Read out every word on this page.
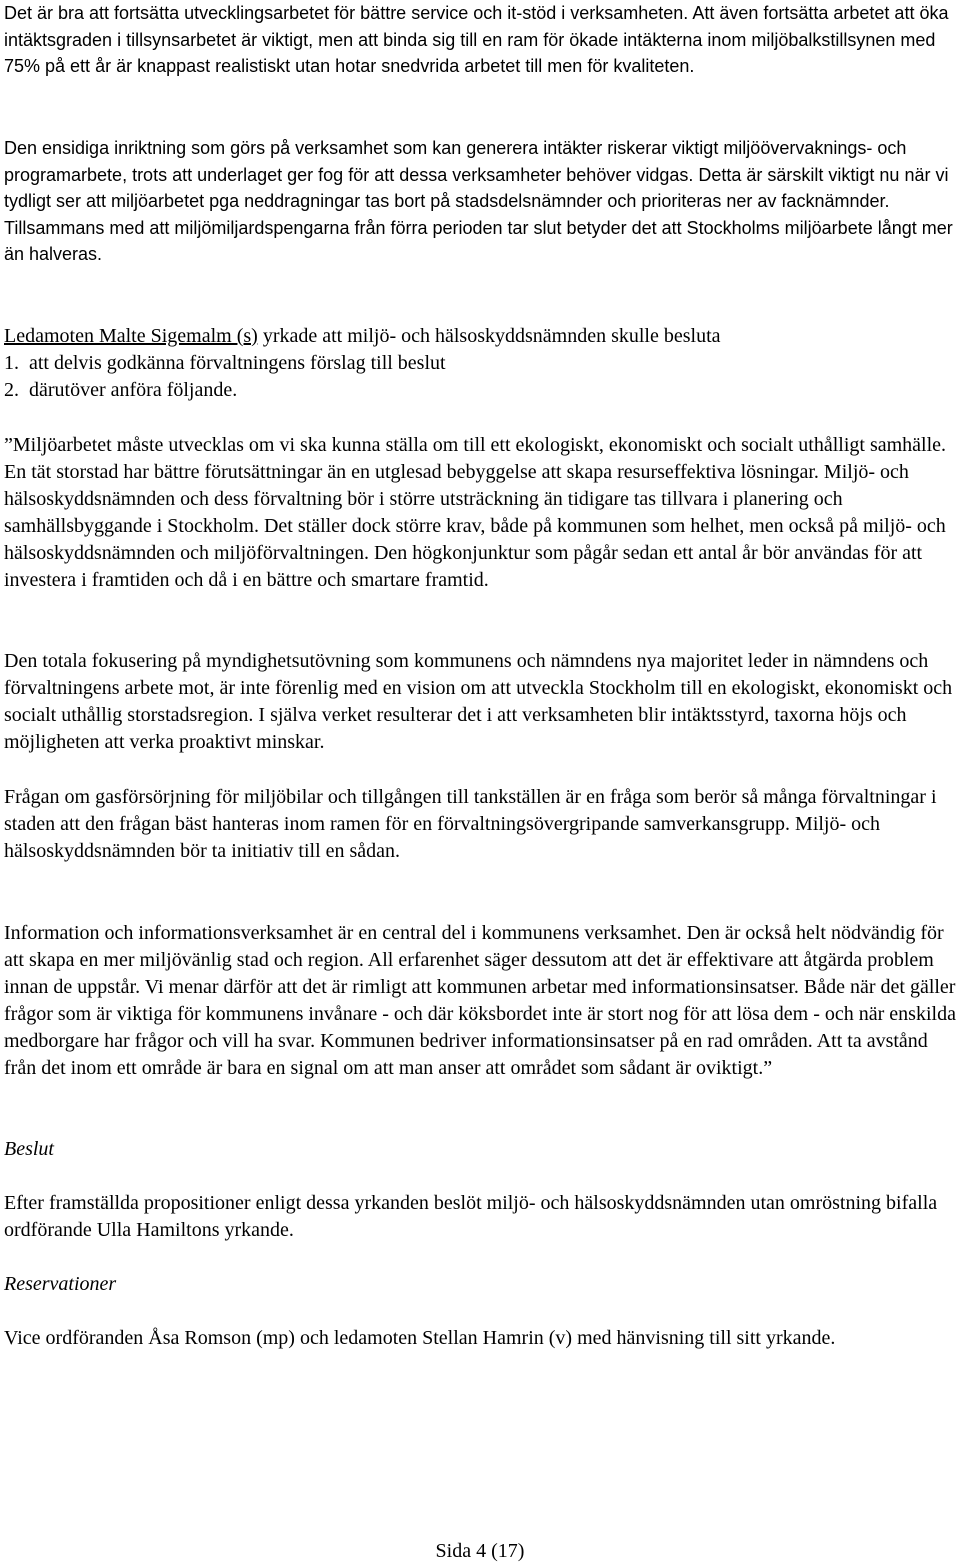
Det är bra att fortsätta utvecklingsarbetet för bättre service och it-stöd i verksamheten. Att även fortsätta arbetet att öka intäktsgraden i tillsynsarbetet är viktigt, men att binda sig till en ram för ökade intäkterna inom miljöbalkstillsynen med 75% på ett år är knappast realistiskt utan hotar snedvrida arbetet till men för kvaliteten.

Den ensidiga inriktning som görs på verksamhet som kan generera intäkter riskerar viktigt miljöövervaknings- och programarbete, trots att underlaget ger fog för att dessa verksamheter behöver vidgas. Detta är särskilt viktigt nu när vi tydligt ser att miljöarbetet pga neddragningar tas bort på stadsdelsnämnder och prioriteras ner av facknämnder. Tillsammans med att miljömiljardspengarna från förra perioden tar slut betyder det att Stockholms miljöarbete långt mer än halveras.

Ledamoten Malte Sigemalm (s) yrkade att miljö- och hälsoskyddsnämnden skulle besluta
1.  att delvis godkänna förvaltningens förslag till beslut
2.  därutöver anföra följande.

”Miljöarbetet måste utvecklas om vi ska kunna ställa om till ett ekologiskt, ekonomiskt och socialt uthålligt samhälle. En tät storstad har bättre förutsättningar än en utglesad bebyggelse att skapa resurseffektiva lösningar. Miljö- och hälsoskyddsnämnden och dess förvaltning bör i större utsträckning än tidigare tas tillvara i planering och samhällsbyggande i Stockholm. Det ställer dock större krav, både på kommunen som helhet, men också på miljö- och hälsoskyddsnämnden och miljöförvaltningen. Den högkonjunktur som pågår sedan ett antal år bör användas för att investera i framtiden och då i en bättre och smartare framtid.

Den totala fokusering på myndighetsutövning som kommunens och nämndens nya majoritet leder in nämndens och förvaltningens arbete mot, är inte förenlig med en vision om att utveckla Stockholm till en ekologiskt, ekonomiskt och socialt uthållig storstadsregion. I själva verket resulterar det i att verksamheten blir intäktsstyrd, taxorna höjs och möjligheten att verka proaktivt minskar.

Frågan om gasförsörjning för miljöbilar och tillgången till tankställen är en fråga som berör så många förvaltningar i staden att den frågan bäst hanteras inom ramen för en förvaltningsövergripande samverkansgrupp. Miljö- och hälsoskyddsnämnden bör ta initiativ till en sådan.

Information och informationsverksamhet är en central del i kommunens verksamhet. Den är också helt nödvändig för att skapa en mer miljövänlig stad och region. All erfarenhet säger dessutom att det är effektivare att åtgärda problem innan de uppstår. Vi menar därför att det är rimligt att kommunen arbetar med informationsinsatser. Både när det gäller frågor som är viktiga för kommunens invånare - och där köksbordet inte är stort nog för att lösa dem - och när enskilda medborgare har frågor och vill ha svar. Kommunen bedriver informationsinsatser på en rad områden. Att ta avstånd från det inom ett område är bara en signal om att man anser att området som sådant är oviktigt.”

Beslut

Efter framställda propositioner enligt dessa yrkanden beslöt miljö- och hälsoskyddsnämnden utan omröstning bifalla ordförande Ulla Hamiltons yrkande.

Reservationer

Vice ordföranden Åsa Romson (mp) och ledamoten Stellan Hamrin (v) med hänvisning till sitt yrkande.

Sida 4 (17)
